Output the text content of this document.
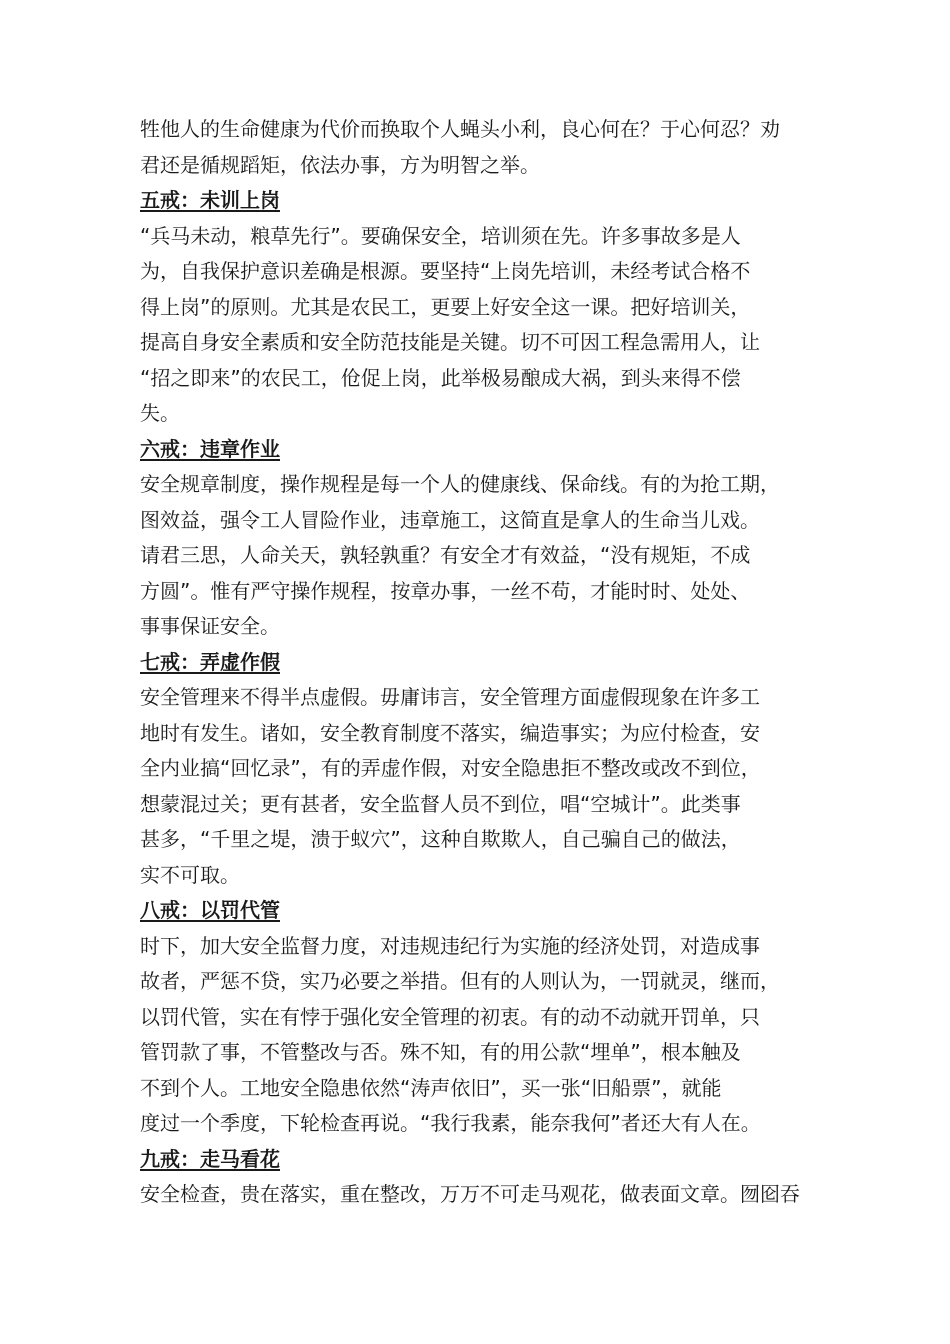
牲他人的生命健康为代价而换取个人蝇头小利，良心何在？于心何忍？劝
君还是循规蹈矩，依法办事，方为明智之举。
五戒：未训上岗
“兵马未动，粮草先行”。要确保安全，培训须在先。许多事故多是人
为，自我保护意识差确是根源。要坚持“上岗先培训，未经考试合格不
得上岗”的原则。尤其是农民工，更要上好安全这一课。把好培训关，
提高自身安全素质和安全防范技能是关键。切不可因工程急需用人，让
“招之即来”的农民工，伧促上岗，此举极易酿成大祸，到头来得不偿
失。
六戒：违章作业
安全规章制度，操作规程是每一个人的健康线、保命线。有的为抢工期，
图效益，强令工人冒险作业，违章施工，这简直是拿人的生命当儿戏。
请君三思，人命关天，孰轻孰重？有安全才有效益，“没有规矩，不成
方圆”。惟有严守操作规程，按章办事，一丝不苟，才能时时、处处、
事事保证安全。
七戒：弄虚作假
安全管理来不得半点虚假。毋庸讳言，安全管理方面虚假现象在许多工
地时有发生。诸如，安全教育制度不落实，编造事实；为应付检查，安
全内业搞“回忆录”，有的弄虚作假，对安全隐患拒不整改或改不到位，
想蒙混过关；更有甚者，安全监督人员不到位，唱“空城计”。此类事
甚多，“千里之堤，溃于蚁穴”，这种自欺欺人，自己骗自己的做法，
实不可取。
八戒：以罚代管
时下，加大安全监督力度，对违规违纪行为实施的经济处罚，对造成事
故者，严惩不贷，实乃必要之举措。但有的人则认为，一罚就灵，继而，
以罚代管，实在有悖于强化安全管理的初衷。有的动不动就开罚单，只
管罚款了事，不管整改与否。殊不知，有的用公款“埋单”，根本触及
不到个人。工地安全隐患依然“涛声依旧”，买一张“旧船票”，就能
度过一个季度，下轮检查再说。“我行我素，能奈我何”者还大有人在。
九戒：走马看花
安全检查，贵在落实，重在整改，万万不可走马观花，做表面文章。囫囵吞
